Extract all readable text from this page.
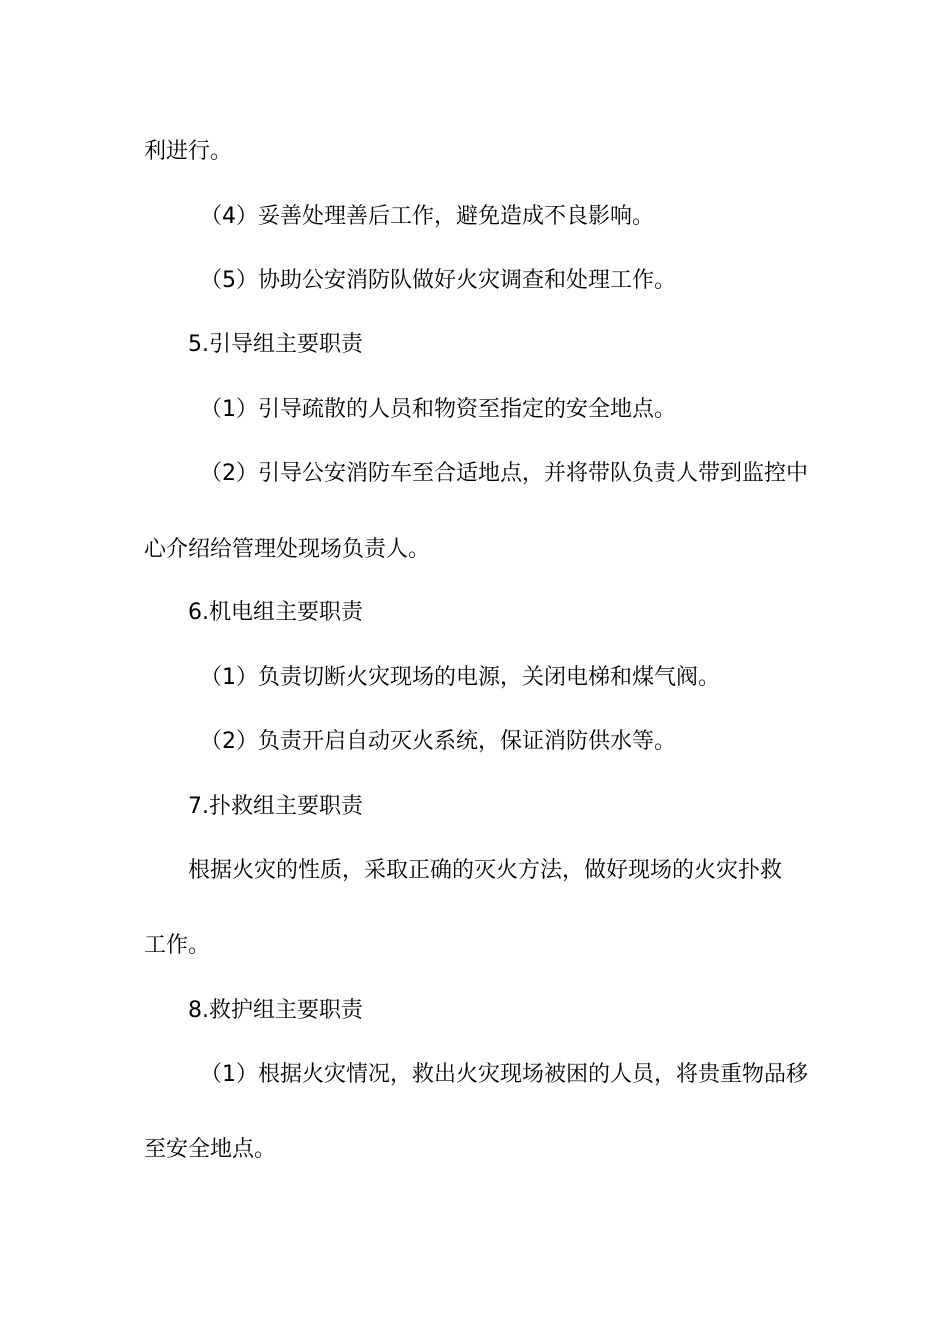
利进行。
（4）妥善处理善后工作，避免造成不良影响。
（5）协助公安消防队做好火灾调查和处理工作。
5.引导组主要职责
（1）引导疏散的人员和物资至指定的安全地点。
（2）引导公安消防车至合适地点，并将带队负责人带到监控中
心介绍给管理处现场负责人。
6.机电组主要职责
（1）负责切断火灾现场的电源，关闭电梯和煤气阀。
（2）负责开启自动灭火系统，保证消防供水等。
7.扑救组主要职责
根据火灾的性质，采取正确的灭火方法，做好现场的火灾扑救
工作。
8.救护组主要职责
（1）根据火灾情况，救出火灾现场被困的人员，将贵重物品移
至安全地点。
